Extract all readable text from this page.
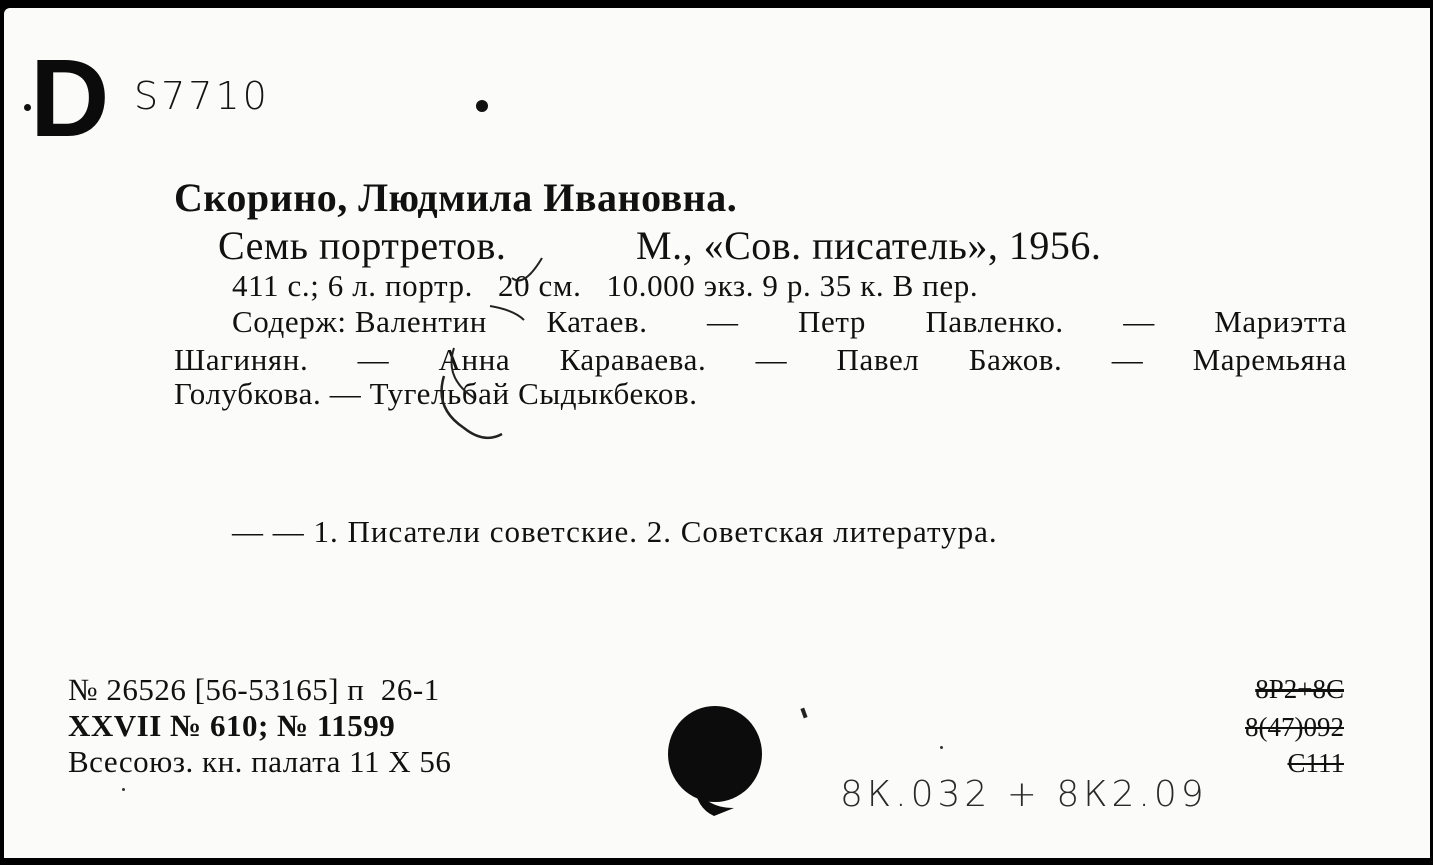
D S7710
Скорино, Людмила Ивановна.
Семь портретов.	М., «Сов. писатель», 1956.
411 с.; 6 л. портр.   20 см.   10.000 экз. 9 р. 35 к. В пер.
Содерж: Валентин Катаев. — Петр Павленко. — Мариэтта
Шагинян. — Анна Караваева. — Павел Бажов. — Маремьяна
Голубкова. — Тугельбай Сыдыкбеков.
— — 1. Писатели советские. 2. Советская литература.
№ 26526 [56-53165] п  26-1
XXVII № 610; № 11599
Всесоюз. кн. палата 11 X 56
8К.032 + 8К2.09
8Р2+8С
8(47)092
С111
